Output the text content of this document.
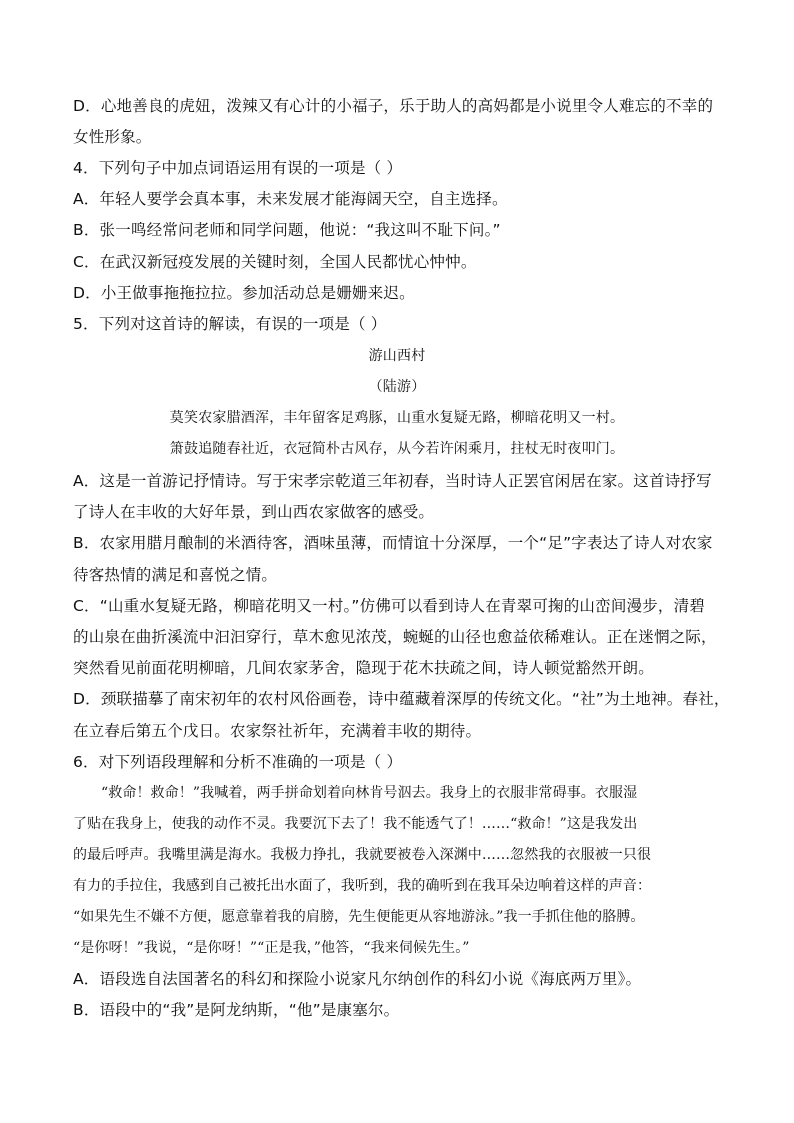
D．心地善良的虎妞，泼辣又有心计的小福子，乐于助人的高妈都是小说里令人难忘的不幸的
女性形象。
4．下列句子中加点词语运用有误的一项是（ ）
A．年轻人要学会真本事，未来发展才能海阔天空，自主选择。
B．张一鸣经常问老师和同学问题，他说：“我这叫不耻下问。”
C．在武汉新冠疫发展的关键时刻，全国人民都忧心忡忡。
D．小王做事拖拖拉拉。参加活动总是姗姗来迟。
5．下列对这首诗的解读，有误的一项是（ ）
游山西村
（陆游）
莫笑农家腊酒浑，丰年留客足鸡豚，山重水复疑无路，柳暗花明又一村。
箫鼓追随春社近，衣冠简朴古风存，从今若许闲乘月，拄杖无时夜叩门。
A．这是一首游记抒情诗。写于宋孝宗乾道三年初春，当时诗人正罢官闲居在家。这首诗抒写
了诗人在丰收的大好年景，到山西农家做客的感受。
B．农家用腊月酿制的米酒待客，酒味虽薄，而情谊十分深厚，一个“足”字表达了诗人对农家
待客热情的满足和喜悦之情。
C．“山重水复疑无路，柳暗花明又一村。”仿佛可以看到诗人在青翠可掬的山峦间漫步，清碧
的山泉在曲折溪流中汩汩穿行，草木愈见浓茂，蜿蜒的山径也愈益依稀难认。正在迷惘之际，
突然看见前面花明柳暗，几间农家茅舍，隐现于花木扶疏之间，诗人顿觉豁然开朗。
D．颈联描摹了南宋初年的农村风俗画卷，诗中蕴藏着深厚的传统文化。“社”为土地神。春社，
在立春后第五个戊日。农家祭社祈年，充满着丰收的期待。
6．对下列语段理解和分析不准确的一项是（ ）
“救命！救命！”我喊着，两手拼命划着向林肯号泅去。我身上的衣服非常碍事。衣服湿
了贴在我身上，使我的动作不灵。我要沉下去了！我不能透气了！……“救命！”这是我发出
的最后呼声。我嘴里满是海水。我极力挣扎，我就要被卷入深渊中……忽然我的衣服被一只很
有力的手拉住，我感到自己被托出水面了，我听到，我的确听到在我耳朵边响着这样的声音：
“如果先生不嫌不方便，愿意靠着我的肩膀，先生便能更从容地游泳。”我一手抓住他的胳膊。
“是你呀！”我说，“是你呀！”“正是我，”他答，“我来伺候先生。”
A．语段选自法国著名的科幻和探险小说家凡尔纳创作的科幻小说《海底两万里》。
B．语段中的“我”是阿龙纳斯，“他”是康塞尔。
